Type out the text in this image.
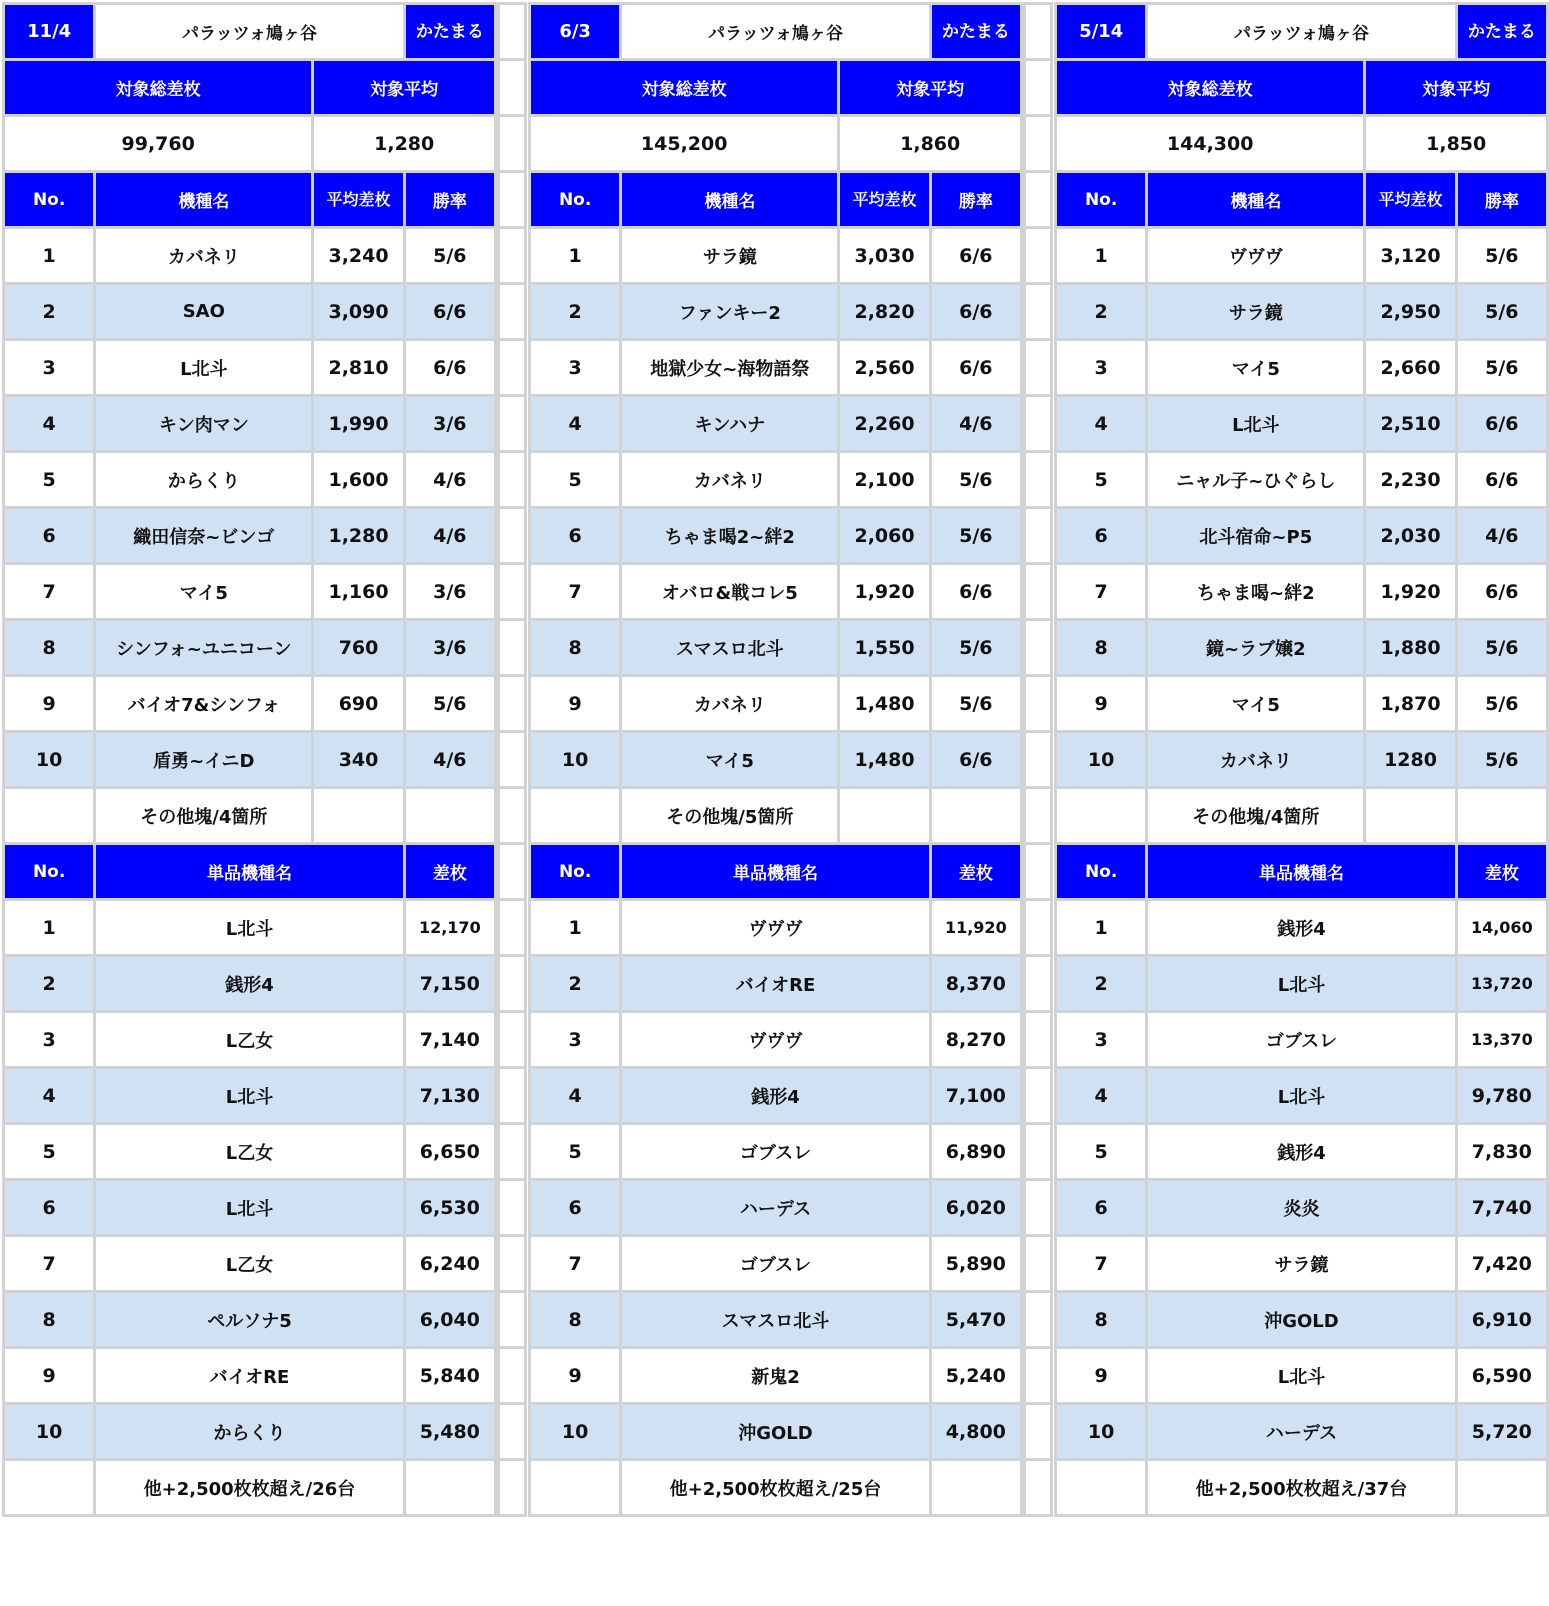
11/4	パラッツォ鳩ヶ谷		かたまる
対象総差枚		対象平均	
99,760		1,280	
No.	機種名	平均差枚	勝率
1	カバネリ	3,240	5/6
2	SAO	3,090	6/6
3	L北斗	2,810	6/6
4	キン肉マン	1,990	3/6
5	からくり	1,600	4/6
6	織田信奈~ビンゴ	1,280	4/6
7	マイ5	1,160	3/6
8	シンフォ~ユニコーン	760	3/6
9	バイオ7&シンフォ	690	5/6
10	盾勇~イニD	340	4/6
	その他塊/4箇所		
No.	単品機種名		差枚
1	L北斗		12,170
2	銭形4		7,150
3	L乙女		7,140
4	L北斗		7,130
5	L乙女		6,650
6	L北斗		6,530
7	L乙女		6,240
8	ペルソナ5		6,040
9	バイオRE		5,840
10	からくり		5,480
	他+2,500枚枚超え/26台		
6/3	パラッツォ鳩ヶ谷		かたまる
対象総差枚		対象平均	
145,200		1,860	
No.	機種名	平均差枚	勝率
1	サラ鏡	3,030	6/6
2	ファンキー2	2,820	6/6
3	地獄少女~海物語祭	2,560	6/6
4	キンハナ	2,260	4/6
5	カバネリ	2,100	5/6
6	ちゃま喝2~絆2	2,060	5/6
7	オバロ&戦コレ5	1,920	6/6
8	スマスロ北斗	1,550	5/6
9	カバネリ	1,480	5/6
10	マイ5	1,480	6/6
	その他塊/5箇所		
No.	単品機種名		差枚
1	ヴヴヴ		11,920
2	バイオRE		8,370
3	ヴヴヴ		8,270
4	銭形4		7,100
5	ゴブスレ		6,890
6	ハーデス		6,020
7	ゴブスレ		5,890
8	スマスロ北斗		5,470
9	新鬼2		5,240
10	沖GOLD		4,800
	他+2,500枚枚超え/25台		
5/14	パラッツォ鳩ヶ谷		かたまる
対象総差枚		対象平均	
144,300		1,850	
No.	機種名	平均差枚	勝率
1	ヴヴヴ	3,120	5/6
2	サラ鏡	2,950	5/6
3	マイ5	2,660	5/6
4	L北斗	2,510	6/6
5	ニャル子~ひぐらし	2,230	6/6
6	北斗宿命~P5	2,030	4/6
7	ちゃま喝~絆2	1,920	6/6
8	鏡~ラブ嬢2	1,880	5/6
9	マイ5	1,870	5/6
10	カバネリ	1280	5/6
	その他塊/4箇所		
No.	単品機種名		差枚
1	銭形4		14,060
2	L北斗		13,720
3	ゴブスレ		13,370
4	L北斗		9,780
5	銭形4		7,830
6	炎炎		7,740
7	サラ鏡		7,420
8	沖GOLD		6,910
9	L北斗		6,590
10	ハーデス		5,720
	他+2,500枚枚超え/37台		
